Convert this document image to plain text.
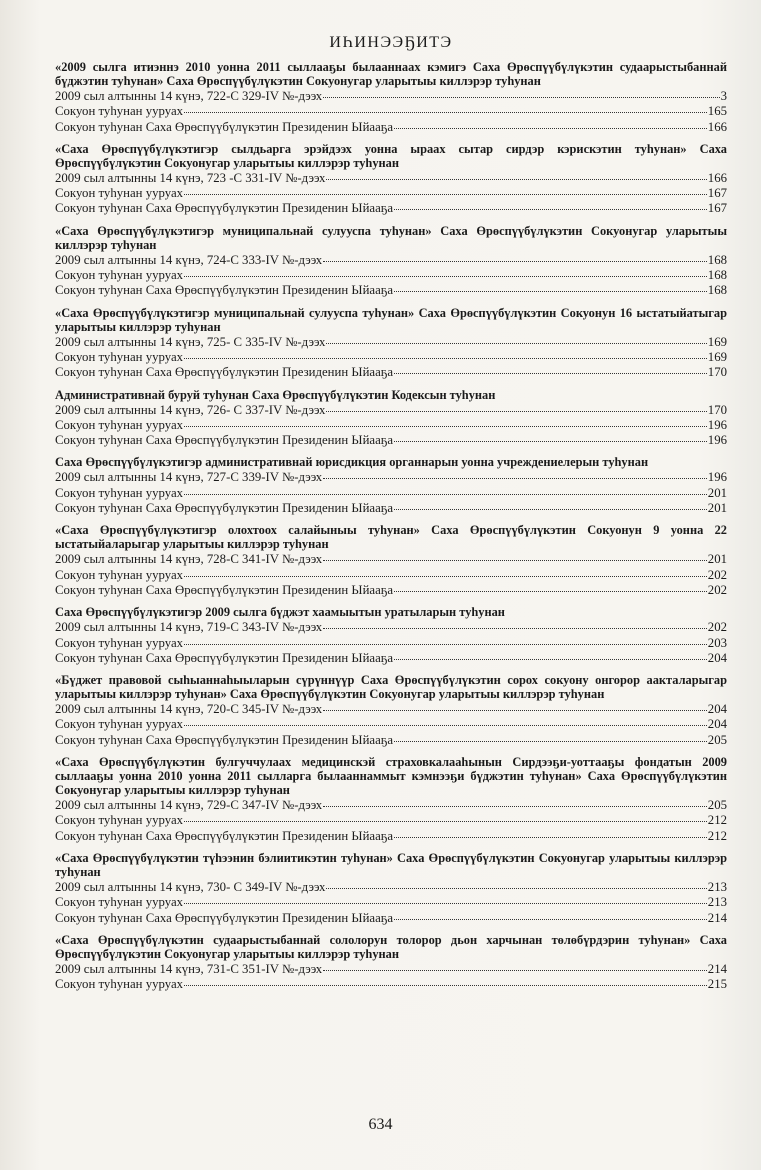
ИҺИНЭЭҔИТЭ
«2009 сылга итиэннэ 2010 уонна 2011 сыллааҕы былааннаах кэмигэ Саха Өрөспүүбүлүкэтин судаарыстыбаннай бүджэтин туһунан» Саха Өрөспүүбүлүкэтин Сокуонугар уларытыы киллэрэр туһунан
2009 сыл алтынны 14 күнэ, 722-С 329-IV №-дээх	3
Сокуон туһунан ууруах	165
Сокуон туһунан Саха Өрөспүүбүлүкэтин Президенин Ыйааҕа	166
«Саха Өрөспүүбүлүкэтигэр сылдьарга эрэйдээх уонна ыраах сытар сирдэр кэрискэтин туһунан» Саха Өрөспүүбүлүкэтин Сокуонугар уларытыы киллэрэр туһунан
2009 сыл алтынны 14 күнэ, 723 -С 331-IV №-дээх	166
Сокуон туһунан ууруах	167
Сокуон туһунан Саха Өрөспүүбүлүкэтин Президенин Ыйааҕа	167
«Саха Өрөспүүбүлүкэтигэр муниципальнай сулууспа туһунан» Саха Өрөспүүбүлүкэтин Сокуонугар уларытыы киллэрэр туһунан
2009 сыл алтынны 14 күнэ, 724-С 333-IV №-дээх	168
Сокуон туһунан ууруах	168
Сокуон туһунан Саха Өрөспүүбүлүкэтин Президенин Ыйааҕа	168
«Саха Өрөспүүбүлүкэтигэр муниципальнай сулууспа туһунан» Саха Өрөспүүбүлүкэтин Сокуонун 16 ыстатыйатыгар уларытыы киллэрэр туһунан
2009 сыл алтынны 14 күнэ, 725- С 335-IV №-дээх	169
Сокуон туһунан ууруах	169
Сокуон туһунан Саха Өрөспүүбүлүкэтин Президенин Ыйааҕа	170
Административнай буруй туһунан Саха Өрөспүүбүлүкэтин Кодексын туһунан
2009 сыл алтынны 14 күнэ, 726- С 337-IV №-дээх	170
Сокуон туһунан ууруах	196
Сокуон туһунан Саха Өрөспүүбүлүкэтин Президенин Ыйааҕа	196
Саха Өрөспүүбүлүкэтигэр административнай юрисдикция органнарын уонна учреждениелерын туһунан
2009 сыл алтынны 14 күнэ, 727-С 339-IV №-дээх	196
Сокуон туһунан ууруах	201
Сокуон туһунан Саха Өрөспүүбүлүкэтин Президенин Ыйааҕа	201
«Саха Өрөспүүбүлүкэтигэр олохтоох салайыныы туһунан» Саха Өрөспүүбүлүкэтин Сокуонун 9 уонна 22 ыстатыйаларыгар уларытыы киллэрэр туһунан
2009 сыл алтынны 14 күнэ, 728-С 341-IV №-дээх	201
Сокуон туһунан ууруах	202
Сокуон туһунан Саха Өрөспүүбүлүкэтин Президенин Ыйааҕа	202
Саха Өрөспүүбүлүкэтигэр 2009 сылга бүджэт хаамыытын уратыларын туһунан
2009 сыл алтынны 14 күнэ, 719-С 343-IV №-дээх	202
Сокуон туһунан ууруах	203
Сокуон туһунан Саха Өрөспүүбүлүкэтин Президенин Ыйааҕа	204
«Бүджет правовой сыһыаннаһыыларын сүрүннүүр Саха Өрөспүүбүлүкэтин сорох сокуону онгорор аакталарыгар уларытыы киллэрэр туһунан» Саха Өрөспүүбүлүкэтин Сокуонугар уларытыы киллэрэр туһунан
2009 сыл алтынны 14 күнэ, 720-С 345-IV №-дээх	204
Сокуон туһунан ууруах	204
Сокуон туһунан Саха Өрөспүүбүлүкэтин Президенин Ыйааҕа	205
«Саха Өрөспүүбүлүкэтин булгуччулаах медицинскэй страховкалааһынын Сирдээҕи-уоттааҕы фондатын 2009 сыллааҕы уонна 2010 уонна 2011 сылларга былааннаммыт кэмнээҕи бүджэтин туһунан» Саха Өрөспүүбүлүкэтин Сокуонугар уларытыы киллэрэр туһунан
2009 сыл алтынны 14 күнэ, 729-С 347-IV №-дээх	205
Сокуон туһунан ууруах	212
Сокуон туһунан Саха Өрөспүүбүлүкэтин Президенин Ыйааҕа	212
«Саха Өрөспүүбүлүкэтин түһээнин бэлиитикэтин туһунан» Саха Өрөспүүбүлүкэтин Сокуонугар уларытыы киллэрэр туһунан
2009 сыл алтынны 14 күнэ, 730- С 349-IV №-дээх	213
Сокуон туһунан ууруах	213
Сокуон туһунан Саха Өрөспүүбүлүкэтин Президенин Ыйааҕа	214
«Саха Өрөспүүбүлүкэтин судаарыстыбаннай сололорун толорор дьон харчынан төлөбүрдэрин туһунан» Саха Өрөспүүбүлүкэтин Сокуонугар уларытыы киллэрэр туһунан
2009 сыл алтынны 14 күнэ, 731-С 351-IV №-дээх	214
Сокуон туһунан ууруах	215
634
